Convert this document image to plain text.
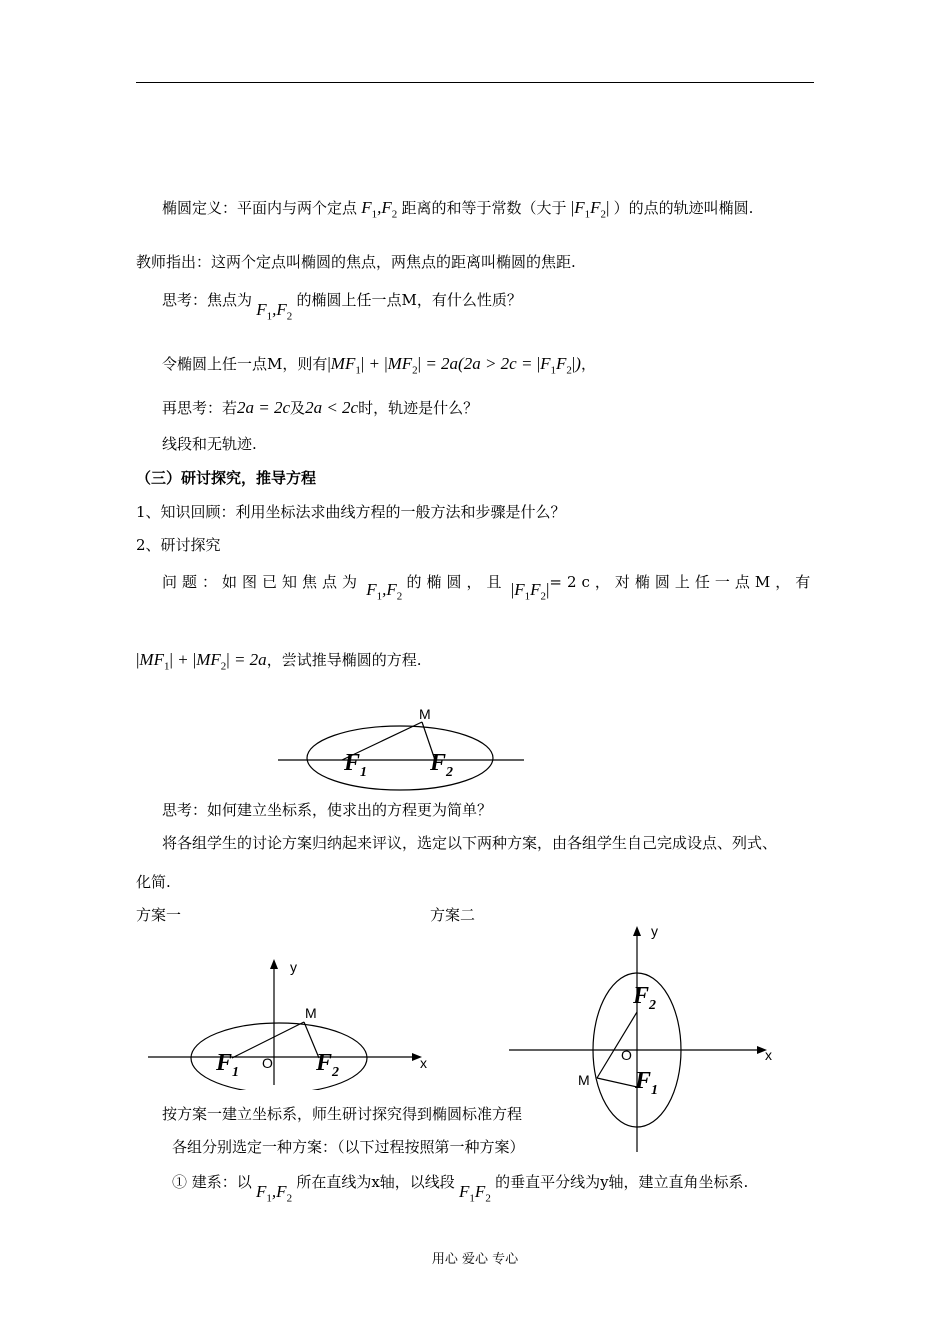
椭圆定义：平面内与两个定点 $F_1,F_2$ 距离的和等于常数（大于 $|F_1F_2|$ ）的点的轨迹叫椭圆.
教师指出：这两个定点叫椭圆的焦点，两焦点的距离叫椭圆的焦距.
思考：焦点为 $F_1,F_2$ 的椭圆上任一点M，有什么性质？
令椭圆上任一点M，则有$|MF_1| + |MF_2| = 2a(2a > 2c = |F_1F_2|)$，
再思考：若2a = 2c及2a < 2c时，轨迹是什么？
线段和无轨迹.
（三）研讨探究，推导方程
1、知识回顾：利用坐标法求曲线方程的一般方法和步骤是什么？
2、研讨探究
问题：如图已知焦点为 $F_1,F_2$ 的椭圆，且 $|F_1F_2|=2c$，对椭圆上任一点M，有
$|MF_1| + |MF_2| = 2a$，尝试推导椭圆的方程.
M
$F_1$	$F_2$
思考：如何建立坐标系，使求出的方程更为简单？
将各组学生的讨论方案归纳起来评议，选定以下两种方案，由各组学生自己完成设点、列式、
化简.
方案一	方案二
y
x
M
O
$F_1$	$F_2$
y
x
M
O
$F_2$
$F_1$
按方案一建立坐标系，师生研讨探究得到椭圆标准方程
各组分别选定一种方案：（以下过程按照第一种方案）
① 建系：以 $F_1,F_2$ 所在直线为x轴，以线段 $F_1F_2$ 的垂直平分线为y轴，建立直角坐标系.
用心 爱心 专心
